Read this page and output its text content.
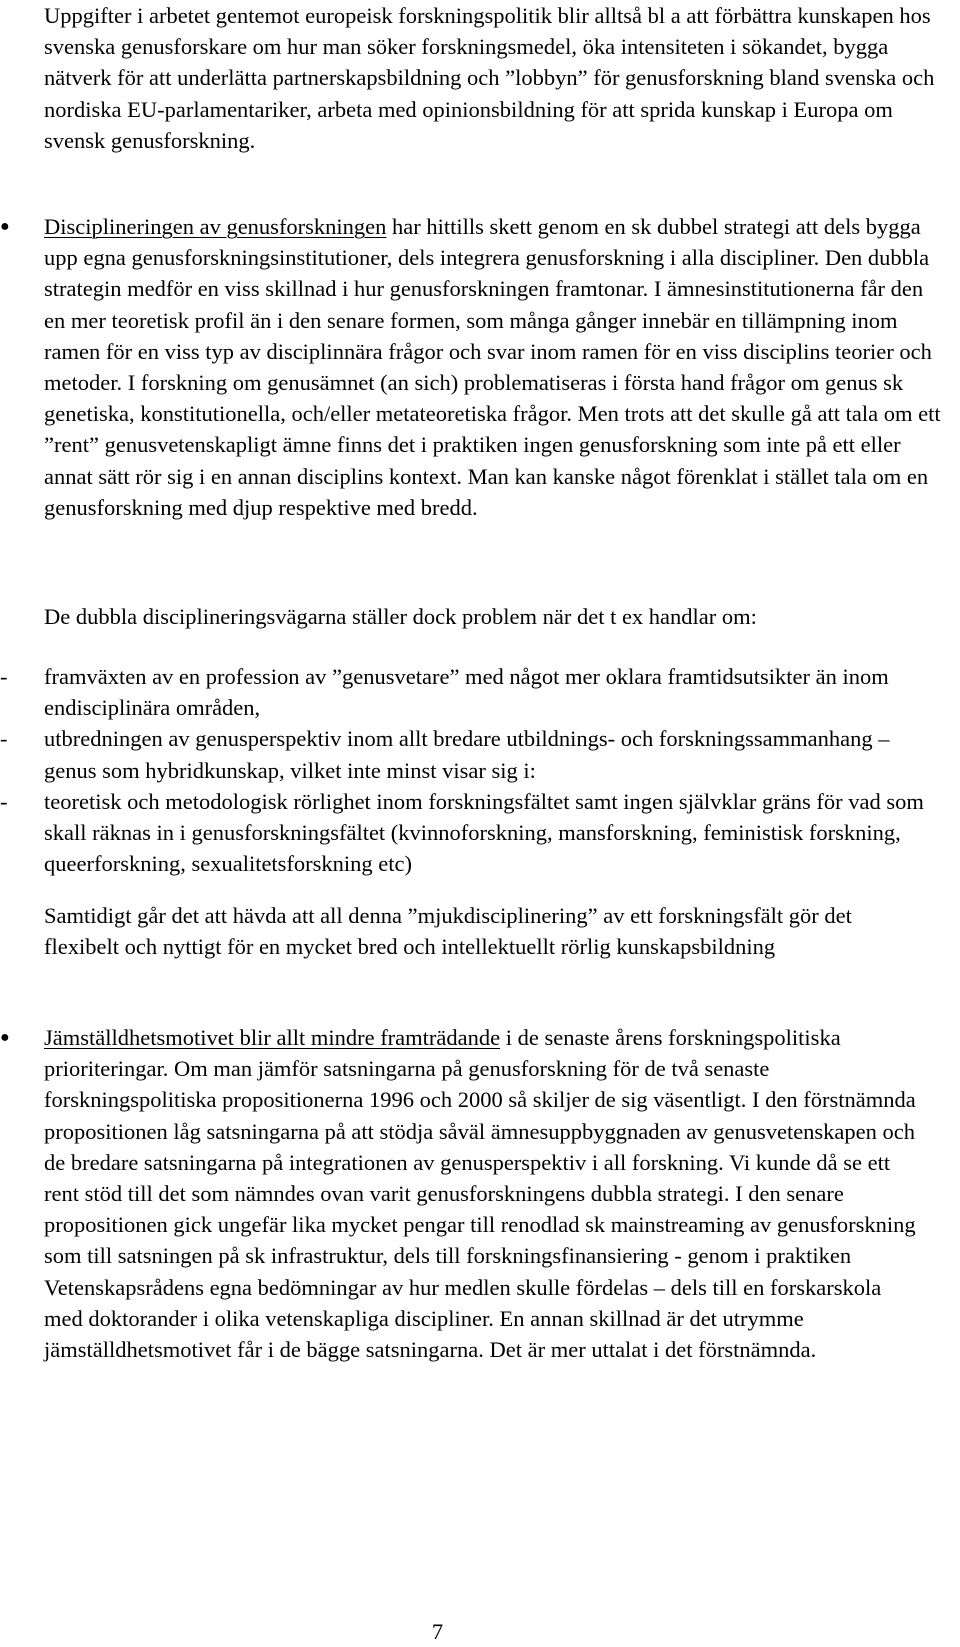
Uppgifter i arbetet gentemot europeisk forskningspolitik blir alltså bl a att förbättra kunskapen hos svenska genusforskare om hur man söker forskningsmedel, öka intensiteten i sökandet, bygga nätverk för att underlätta partnerskapsbildning och ”lobbyn” för genusforskning bland svenska och nordiska EU-parlamentariker, arbeta med opinionsbildning för att sprida kunskap i Europa om svensk genusforskning.

● Disciplineringen av genusforskningen har hittills skett genom en sk dubbel strategi att dels bygga upp egna genusforskningsinstitutioner, dels integrera genusforskning i alla discipliner. Den dubbla strategin medför en viss skillnad i hur genusforskningen framtonar. I ämnesinstitutionerna får den en mer teoretisk profil än i den senare formen, som många gånger innebär en tillämpning inom ramen för en viss typ av disciplinnära frågor och svar inom ramen för en viss disciplins teorier och metoder. I forskning om genusämnet (an sich) problematiseras i första hand frågor om genus sk genetiska, konstitutionella, och/eller metateoretiska frågor. Men trots att det skulle gå att tala om ett ”rent” genusvetenskapligt ämne finns det i praktiken ingen genusforskning som inte på ett eller annat sätt rör sig i en annan disciplins kontext. Man kan kanske något förenklat i stället tala om en genusforskning med djup respektive med bredd.

De dubbla disciplineringsvägarna ställer dock problem när det t ex handlar om:

- framväxten av en profession av ”genusvetare” med något mer oklara framtidsutsikter än inom endisciplinära områden,

- utbredningen av genusperspektiv inom allt bredare utbildnings- och forskningssammanhang – genus som hybridkunskap, vilket inte minst visar sig i:

- teoretisk och metodologisk rörlighet inom forskningsfältet samt ingen självklar gräns för vad som skall räknas in i genusforskningsfältet (kvinnoforskning, mansforskning, feministisk forskning, queerforskning, sexualitetsforskning etc)

Samtidigt går det att hävda att all denna ”mjukdisciplinering” av ett forskningsfält gör det flexibelt och nyttigt för en mycket bred och intellektuellt rörlig kunskapsbildning

● Jämställdhetsmotivet blir allt mindre framträdande i de senaste årens forskningspolitiska prioriteringar. Om man jämför satsningarna på genusforskning för de två senaste forskningspolitiska propositionerna 1996 och 2000 så skiljer de sig väsentligt. I den förstnämnda propositionen låg satsningarna på att stödja såväl ämnesuppbyggnaden av genusvetenskapen och de bredare satsningarna på integrationen av genusperspektiv i all forskning. Vi kunde då se ett rent stöd till det som nämndes ovan varit genusforskningens dubbla strategi. I den senare propositionen gick ungefär lika mycket pengar till renodlad sk mainstreaming av genusforskning som till satsningen på sk infrastruktur, dels till forskningsfinansiering - genom i praktiken Vetenskapsrådens egna bedömningar av hur medlen skulle fördelas – dels till en forskarskola med doktorander i olika vetenskapliga discipliner. En annan skillnad är det utrymme jämställdhetsmotivet får i de bägge satsningarna. Det är mer uttalat i det förstnämnda.

7
